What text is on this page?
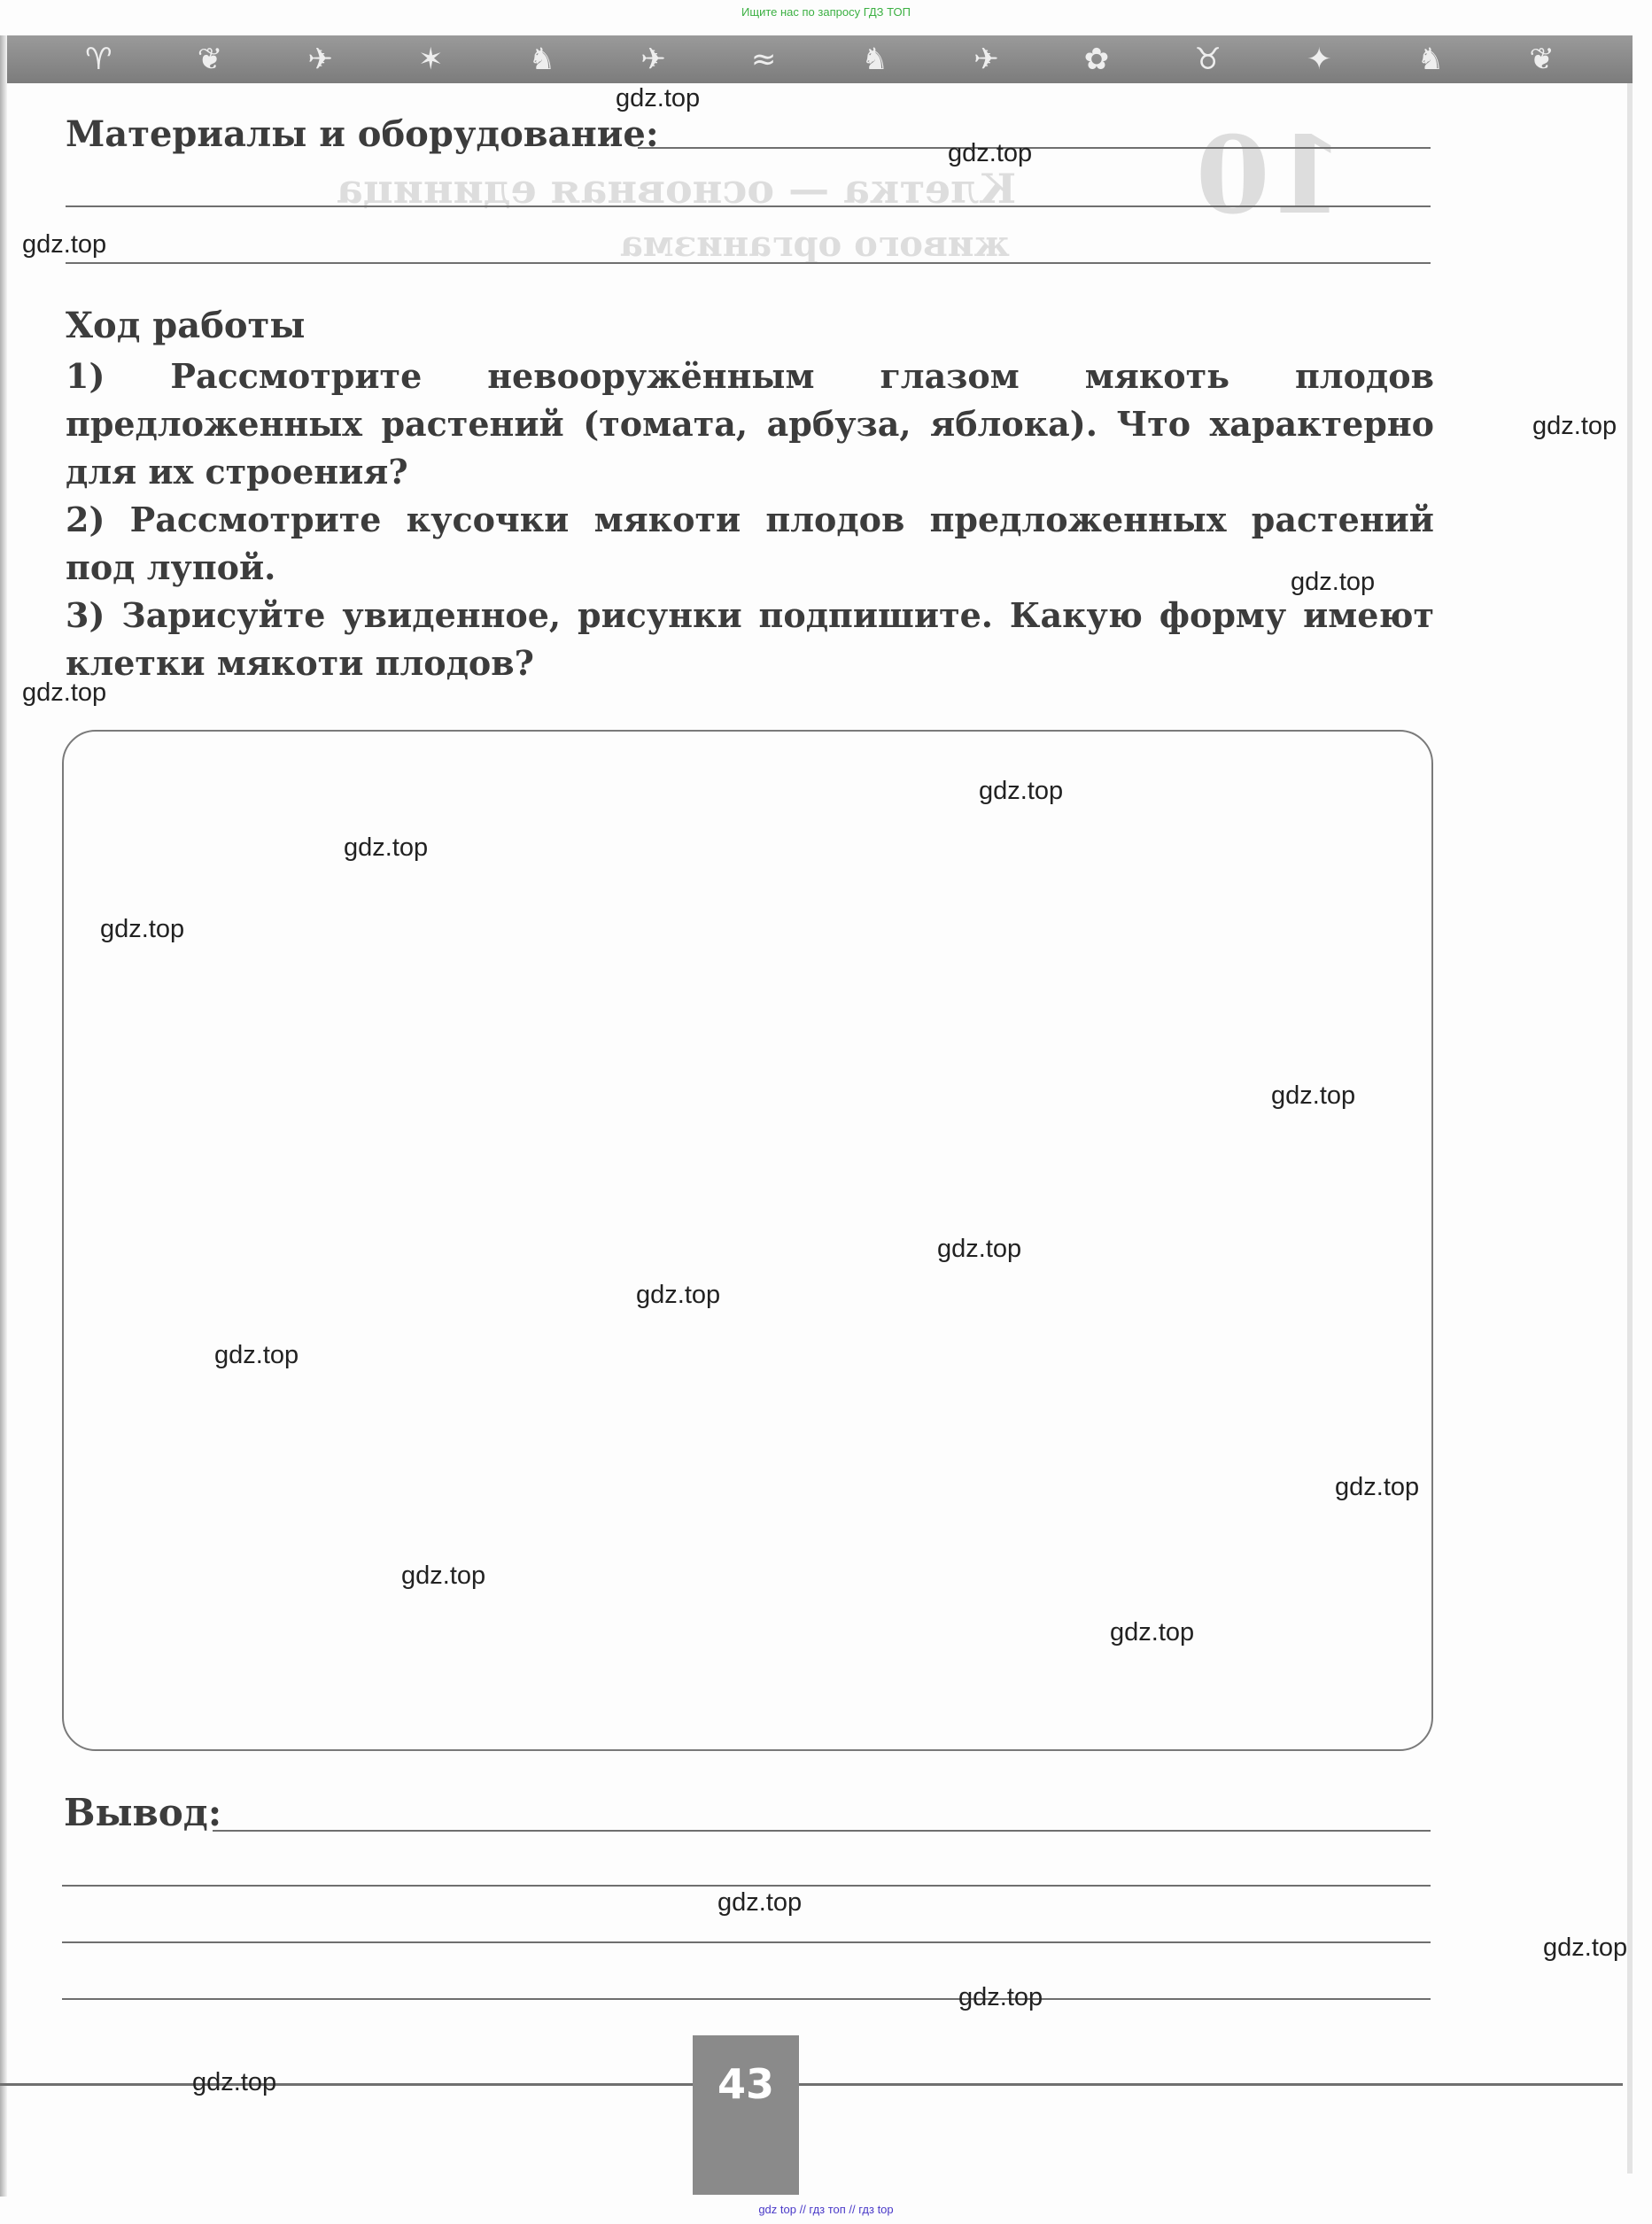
Ищите нас по запросу ГДЗ ТОП
♈	❦	✈	✶	♞	✈	≈	♞	✈	✿	♉	✦	♞	❦
10
Клетка — основная единица
живого организма
Материалы и оборудование:
Ход работы

1) Рассмотрите невооружённым глазом мякоть плодов предложенных растений (томата, арбуза, яблока). Что характерно для их строения?

2) Рассмотрите кусочки мякоти плодов предложенных растений под лупой.

3) Зарисуйте увиденное, рисунки подпишите. Какую форму имеют клетки мякоти плодов?

Вывод:
43
gdz top // гдз топ // гдз top
gdz.top
gdz.top
gdz.top
gdz.top
gdz.top
gdz.top
gdz.top
gdz.top
gdz.top
gdz.top
gdz.top
gdz.top
gdz.top
gdz.top
gdz.top
gdz.top
gdz.top
gdz.top
gdz.top
gdz.top
